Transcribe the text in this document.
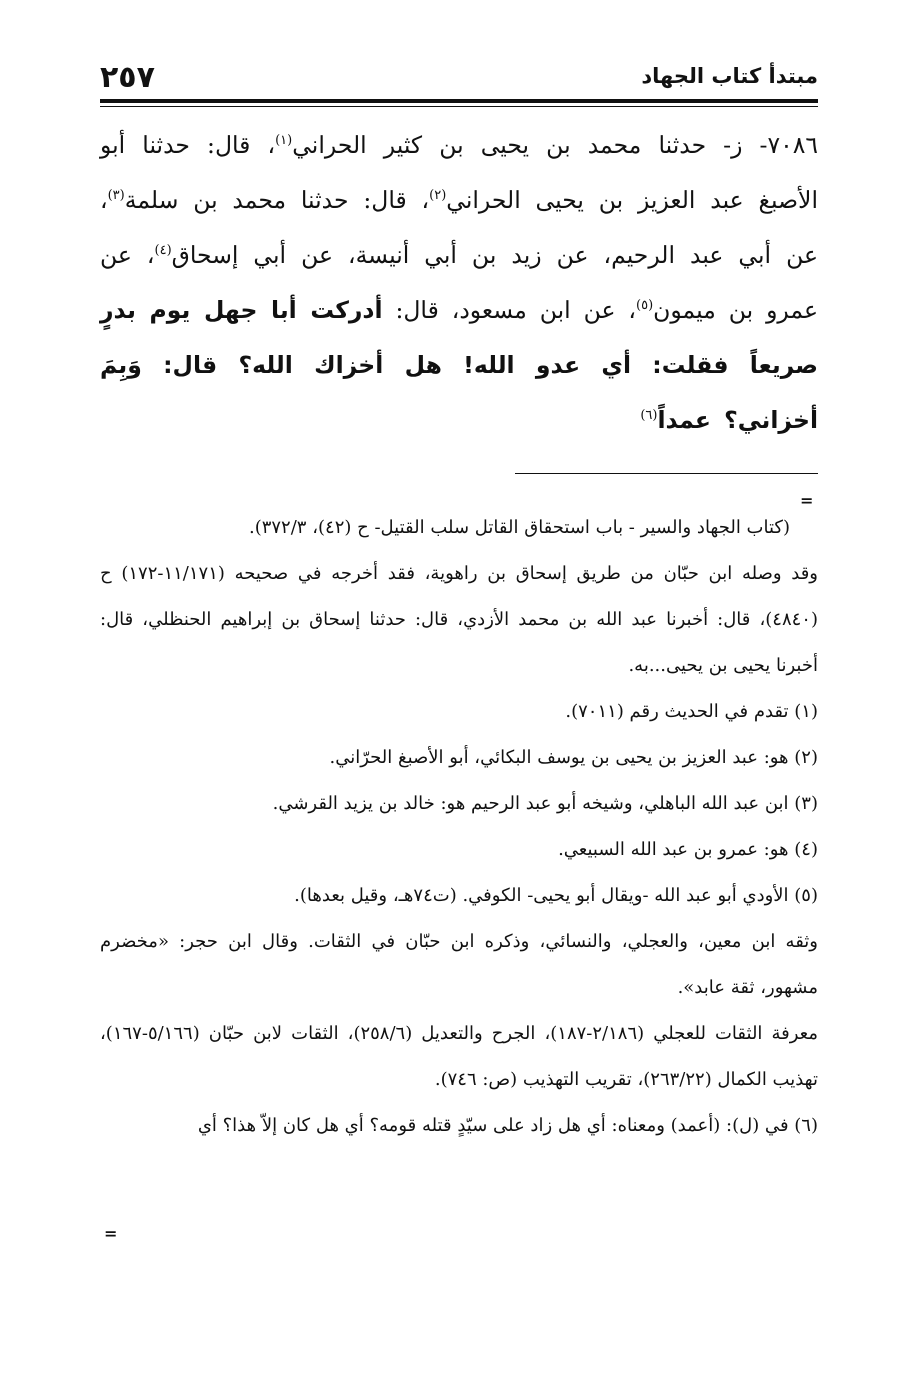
مبتدأ كتاب الجهاد
٢٥٧

٧٠٨٦- ز- حدثنا محمد بن يحيى بن كثير الحراني$^{(١)}$، قال: حدثنا أبو الأصبغ عبد العزيز بن يحيى الحراني$^{(٢)}$، قال: حدثنا محمد بن سلمة$^{(٣)}$، عن أبي عبد الرحيم، عن زيد بن أبي أنيسة، عن أبي إسحاق$^{(٤)}$، عن عمرو بن ميمون$^{(٥)}$، عن ابن مسعود، قال: أدركت أبا جهل يوم بدرٍ صريعاً فقلت: أي عدو الله! هل أخزاك الله؟ قال: وَبِمَ أخزاني؟ عمداً$^{(٦)}$

=

(كتاب الجهاد والسير - باب استحقاق القاتل سلب القتيل- ح (٤٢)، ٣٧٢/٣).

وقد وصله ابن حبّان من طريق إسحاق بن راهوية، فقد أخرجه في صحيحه (١١/١٧١-١٧٢) ح (٤٨٤٠)، قال: أخبرنا عبد الله بن محمد الأزدي، قال: حدثنا إسحاق بن إبراهيم الحنظلي، قال: أخبرنا يحيى بن يحيى...به.

(١) تقدم في الحديث رقم (٧٠١١).

(٢) هو: عبد العزيز بن يحيى بن يوسف البكائي، أبو الأصبغ الحرّاني.

(٣) ابن عبد الله الباهلي، وشيخه أبو عبد الرحيم هو: خالد بن يزيد القرشي.

(٤) هو: عمرو بن عبد الله السبيعي.

(٥) الأودي أبو عبد الله -ويقال أبو يحيى- الكوفي. (ت٧٤هـ، وقيل بعدها).

وثقه ابن معين، والعجلي، والنسائي، وذكره ابن حبّان في الثقات. وقال ابن حجر: «مخضرم مشهور، ثقة عابد».

معرفة الثقات للعجلي (٢/١٨٦-١٨٧)، الجرح والتعديل (٢٥٨/٦)، الثقات لابن حبّان (٥/١٦٦-١٦٧)، تهذيب الكمال (٢٦٣/٢٢)، تقريب التهذيب (ص: ٧٤٦).

(٦) في (ل): (أعمد) ومعناه: أي هل زاد على سيّدٍ قتله قومه؟ أي هل كان إلاّ هذا؟ أي

=
